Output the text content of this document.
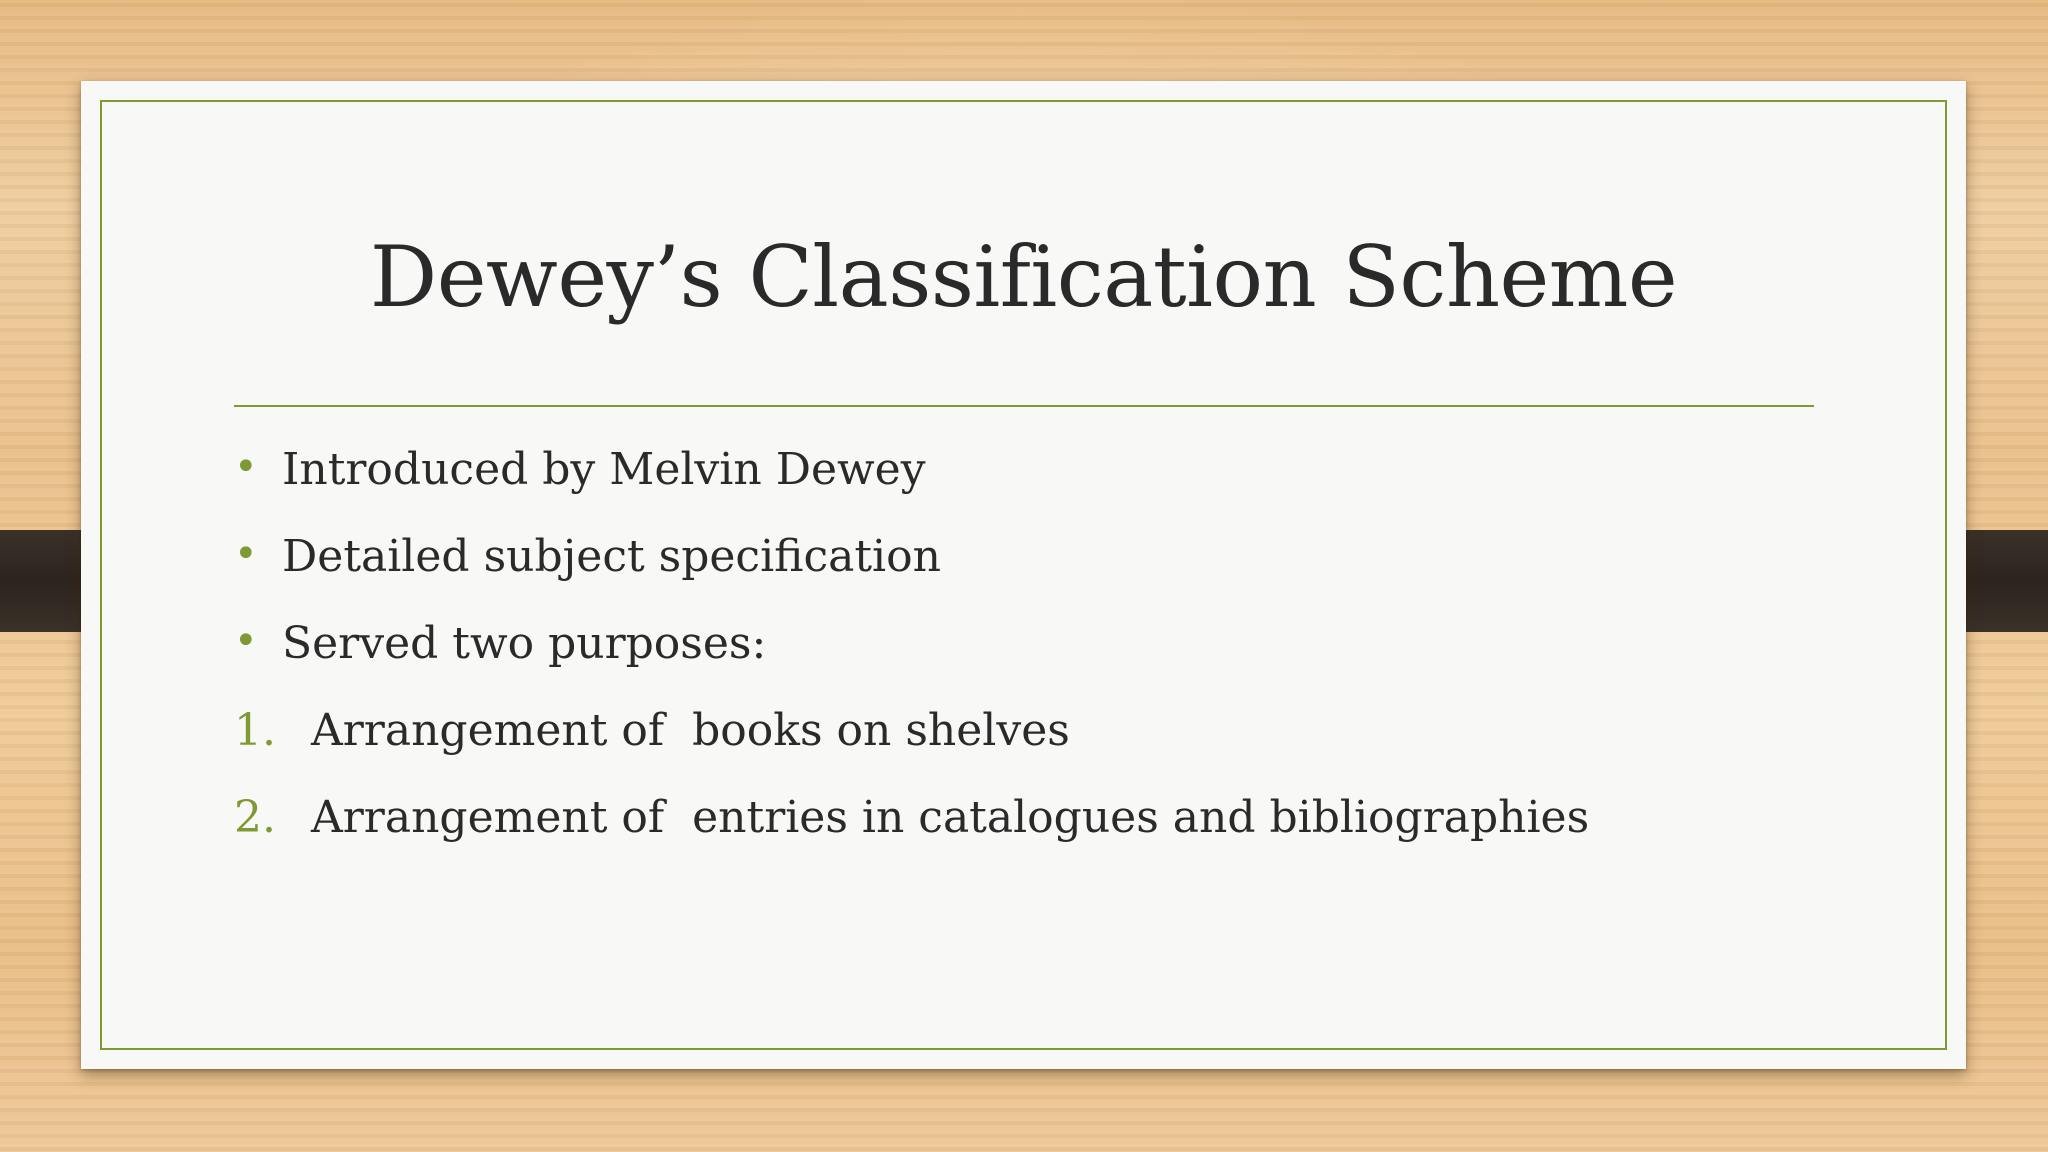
Dewey’s Classification Scheme
• Introduced by Melvin Dewey
• Detailed subject specification
• Served two purposes:
1. Arrangement of  books on shelves
2. Arrangement of  entries in catalogues and bibliographies
